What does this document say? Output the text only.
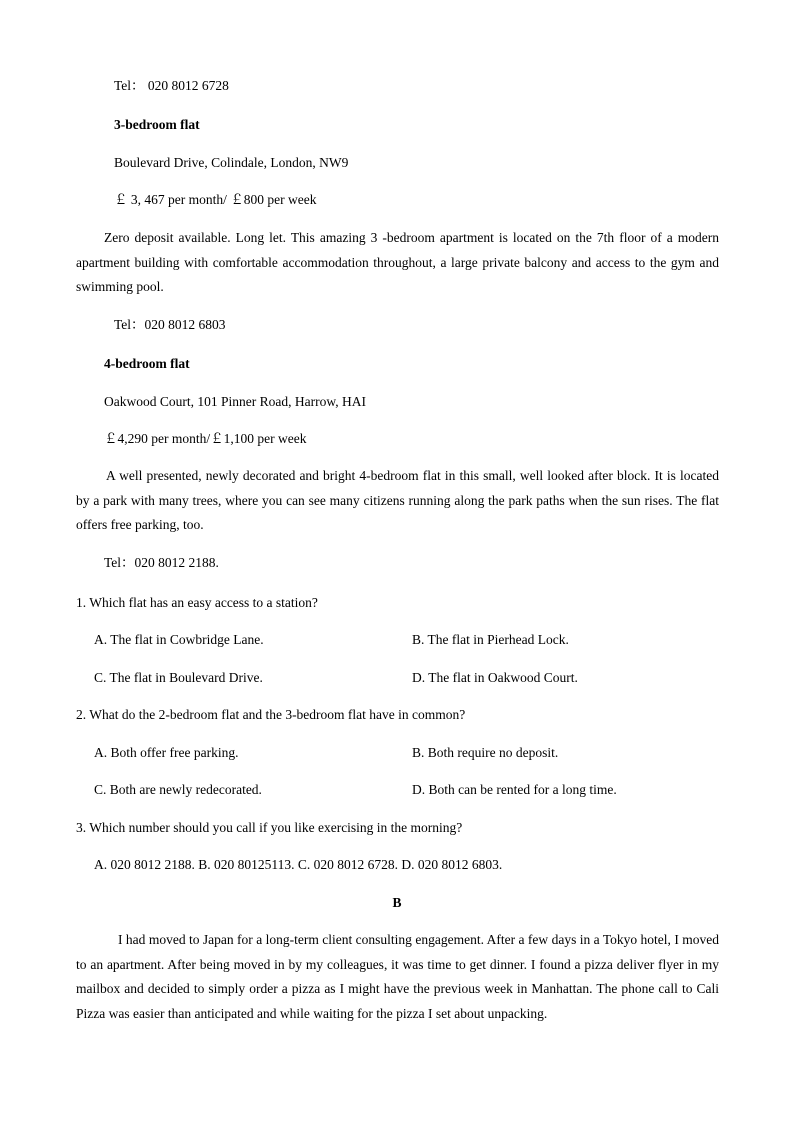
Tel： 020 8012 6728
3-bedroom flat
Boulevard Drive, Colindale, London, NW9
￡ 3, 467 per month/ ￡800 per week
Zero deposit available. Long let. This amazing 3 -bedroom apartment is located on the 7th floor of a modern apartment building with comfortable accommodation throughout, a large private balcony and access to the gym and swimming pool.
Tel：020 8012 6803
4-bedroom flat
Oakwood Court, 101 Pinner Road, Harrow, HAI
￡4,290 per month/￡1,100 per week
A well presented, newly decorated and bright 4-bedroom flat in this small, well looked after block. It is located by a park with many trees, where you can see many citizens running along the park paths when the sun rises. The flat offers free parking, too.
Tel：020 8012 2188.
1. Which flat has an easy access to a station?
A. The flat in Cowbridge Lane.	B. The flat in Pierhead Lock.
C. The flat in Boulevard Drive.	D. The flat in Oakwood Court.
2. What do the 2-bedroom flat and the 3-bedroom flat have in common?
A. Both offer free parking.	B. Both require no deposit.
C. Both are newly redecorated.	D. Both can be rented for a long time.
3. Which number should you call if you like exercising in the morning?
A. 020 8012 2188. B. 020 80125113. C. 020 8012 6728. D. 020 8012 6803.
B
I had moved to Japan for a long-term client consulting engagement. After a few days in a Tokyo hotel, I moved to an apartment. After being moved in by my colleagues, it was time to get dinner. I found a pizza deliver flyer in my mailbox and decided to simply order a pizza as I might have the previous week in Manhattan. The phone call to Cali Pizza was easier than anticipated and while waiting for the pizza I set about unpacking.
